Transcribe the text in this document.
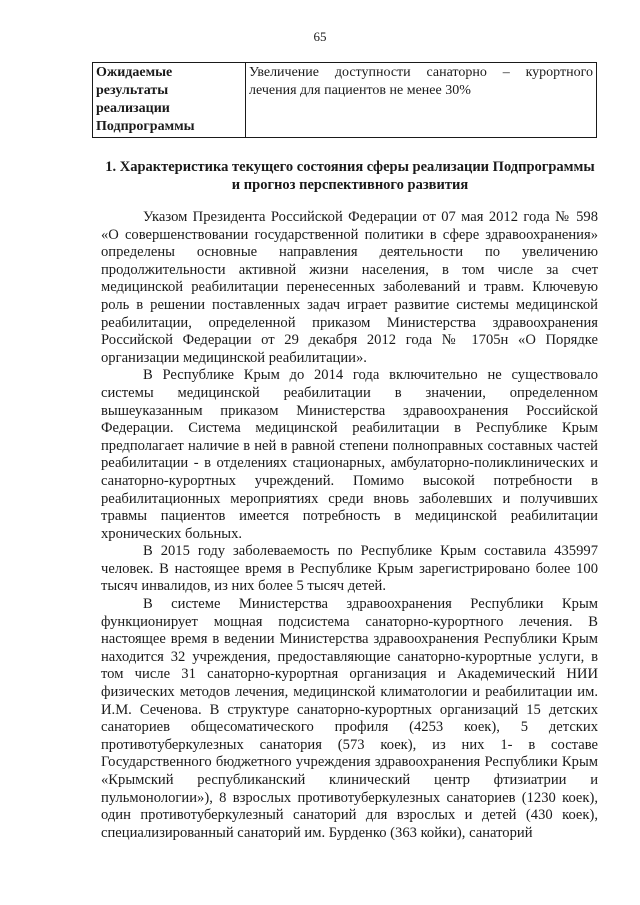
65
Ожидаемые результаты реализации Подпрограммы	Увеличение доступности санаторно – курортного лечения для пациентов не менее 30%
1. Характеристика текущего состояния сферы реализации Подпрограммы и прогноз перспективного развития

Указом Президента Российской Федерации от 07 мая 2012 года № 598 «О совершенствовании государственной политики в сфере здравоохранения» определены основные направления деятельности по увеличению продолжительности активной жизни населения, в том числе за счет медицинской реабилитации перенесенных заболеваний и травм. Ключевую роль в решении поставленных задач играет развитие системы медицинской реабилитации, определенной приказом Министерства здравоохранения Российской Федерации от 29 декабря 2012 года № 1705н «О Порядке организации медицинской реабилитации».

В Республике Крым до 2014 года включительно не существовало системы медицинской реабилитации в значении, определенном вышеуказанным приказом Министерства здравоохранения Российской Федерации. Система медицинской реабилитации в Республике Крым предполагает наличие в ней в равной степени полноправных составных частей реабилитации - в отделениях стационарных, амбулаторно-поликлинических и санаторно-курортных учреждений. Помимо высокой потребности в реабилитационных мероприятиях среди вновь заболевших и получивших травмы пациентов имеется потребность в медицинской реабилитации хронических больных.

В 2015 году заболеваемость по Республике Крым составила 435997 человек. В настоящее время в Республике Крым зарегистрировано более 100 тысяч инвалидов, из них более 5 тысяч детей.

В системе Министерства здравоохранения Республики Крым функционирует мощная подсистема санаторно-курортного лечения. В настоящее время в ведении Министерства здравоохранения Республики Крым находится 32 учреждения, предоставляющие санаторно-курортные услуги, в том числе 31 санаторно-курортная организация и Академический НИИ физических методов лечения, медицинской климатологии и реабилитации им. И.М. Сеченова. В структуре санаторно-курортных организаций 15 детских санаториев общесоматического профиля (4253 коек), 5 детских противотуберкулезных санатория (573 коек), из них 1- в составе Государственного бюджетного учреждения здравоохранения Республики Крым «Крымский республиканский клинический центр фтизиатрии и пульмонологии»), 8 взрослых противотуберкулезных санаториев (1230 коек), один противотуберкулезный санаторий для взрослых и детей (430 коек), специализированный санаторий им. Бурденко (363 койки), санаторий
